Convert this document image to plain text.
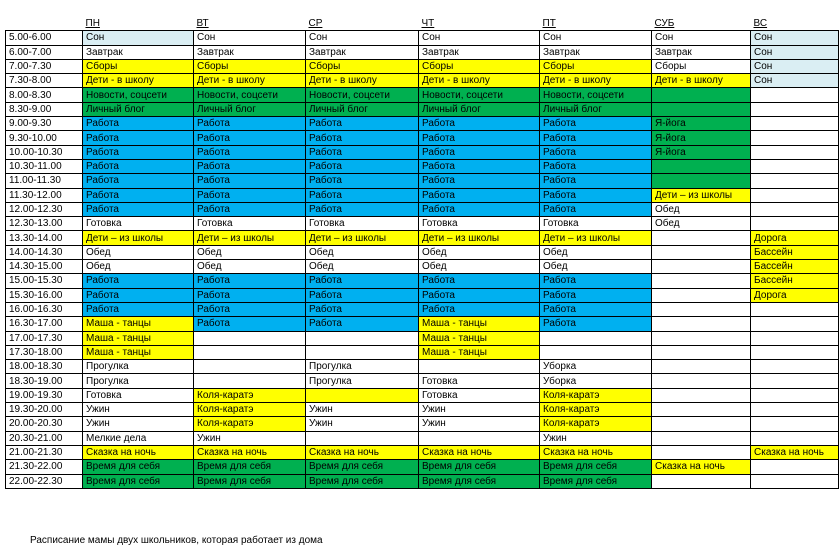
	ПН	ВТ	СР	ЧТ	ПТ	СУБ	ВС
5.00-6.00	Сон	Сон	Сон	Сон	Сон	Сон	Сон
6.00-7.00	Завтрак	Завтрак	Завтрак	Завтрак	Завтрак	Завтрак	Сон
7.00-7.30	Сборы	Сборы	Сборы	Сборы	Сборы	Сборы	Сон
7.30-8.00	Дети - в школу	Дети - в школу	Дети - в школу	Дети - в школу	Дети - в школу	Дети - в школу	Сон
8.00-8.30	Новости, соцсети	Новости, соцсети	Новости, соцсети	Новости, соцсети	Новости, соцсети		
8.30-9.00	Личный блог	Личный блог	Личный блог	Личный блог	Личный блог		
9.00-9.30	Работа	Работа	Работа	Работа	Работа	Я-йога	
9.30-10.00	Работа	Работа	Работа	Работа	Работа	Я-йога	
10.00-10.30	Работа	Работа	Работа	Работа	Работа	Я-йога	
10.30-11.00	Работа	Работа	Работа	Работа	Работа		
11.00-11.30	Работа	Работа	Работа	Работа	Работа		
11.30-12.00	Работа	Работа	Работа	Работа	Работа	Дети – из школы	
12.00-12.30	Работа	Работа	Работа	Работа	Работа	Обед	
12.30-13.00	Готовка	Готовка	Готовка	Готовка	Готовка	Обед	
13.30-14.00	Дети – из школы	Дети – из школы	Дети – из школы	Дети – из школы	Дети – из школы		Дорога
14.00-14.30	Обед	Обед	Обед	Обед	Обед		Бассейн
14.30-15.00	Обед	Обед	Обед	Обед	Обед		Бассейн
15.00-15.30	Работа	Работа	Работа	Работа	Работа		Бассейн
15.30-16.00	Работа	Работа	Работа	Работа	Работа		Дорога
16.00-16.30	Работа	Работа	Работа	Работа	Работа		
16.30-17.00	Маша - танцы	Работа	Работа	Маша - танцы	Работа		
17.00-17.30	Маша - танцы			Маша - танцы			
17.30-18.00	Маша - танцы			Маша - танцы			
18.00-18.30	Прогулка		Прогулка		Уборка		
18.30-19.00	Прогулка		Прогулка	Готовка	Уборка		
19.00-19.30	Готовка	Коля-каратэ		Готовка	Коля-каратэ		
19.30-20.00	Ужин	Коля-каратэ	Ужин	Ужин	Коля-каратэ		
20.00-20.30	Ужин	Коля-каратэ	Ужин	Ужин	Коля-каратэ		
20.30-21.00	Мелкие дела	Ужин			Ужин		
21.00-21.30	Сказка на ночь	Сказка на ночь	Сказка на ночь	Сказка на ночь	Сказка на ночь		Сказка на ночь
21.30-22.00	Время для себя	Время для себя	Время для себя	Время для себя	Время для себя	Сказка на ночь	
22.00-22.30	Время для себя	Время для себя	Время для себя	Время для себя	Время для себя		
Расписание мамы двух школьников, которая работает из дома
